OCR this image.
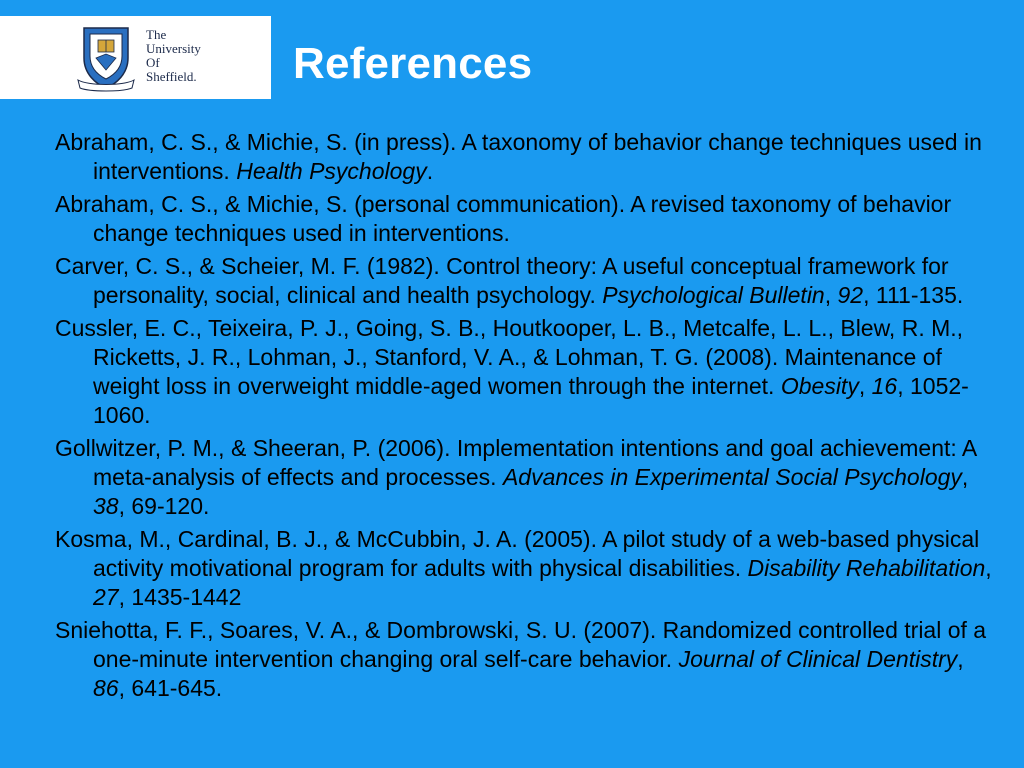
The
University
Of
Sheffield. References
Abraham, C. S., & Michie, S. (in press). A taxonomy of behavior change techniques used in interventions. Health Psychology.
Abraham, C. S., & Michie, S. (personal communication). A revised taxonomy of behavior change techniques used in interventions.
Carver, C. S., & Scheier, M. F. (1982). Control theory: A useful conceptual framework for personality, social, clinical and health psychology. Psychological Bulletin, 92, 111-135.
Cussler, E. C., Teixeira, P. J., Going, S. B., Houtkooper, L. B., Metcalfe, L. L., Blew, R. M., Ricketts, J. R., Lohman, J., Stanford, V. A., & Lohman, T. G. (2008). Maintenance of weight loss in overweight middle-aged women through the internet. Obesity, 16, 1052-1060.
Gollwitzer, P. M., & Sheeran, P. (2006). Implementation intentions and goal achievement: A meta-analysis of effects and processes. Advances in Experimental Social Psychology, 38, 69-120.
Kosma, M., Cardinal, B. J., & McCubbin, J. A. (2005). A pilot study of a web-based physical activity motivational program for adults with physical disabilities. Disability Rehabilitation, 27, 1435-1442
Sniehotta, F. F., Soares, V. A., & Dombrowski, S. U. (2007). Randomized controlled trial of a one-minute intervention changing oral self-care behavior. Journal of Clinical Dentistry, 86, 641-645.
